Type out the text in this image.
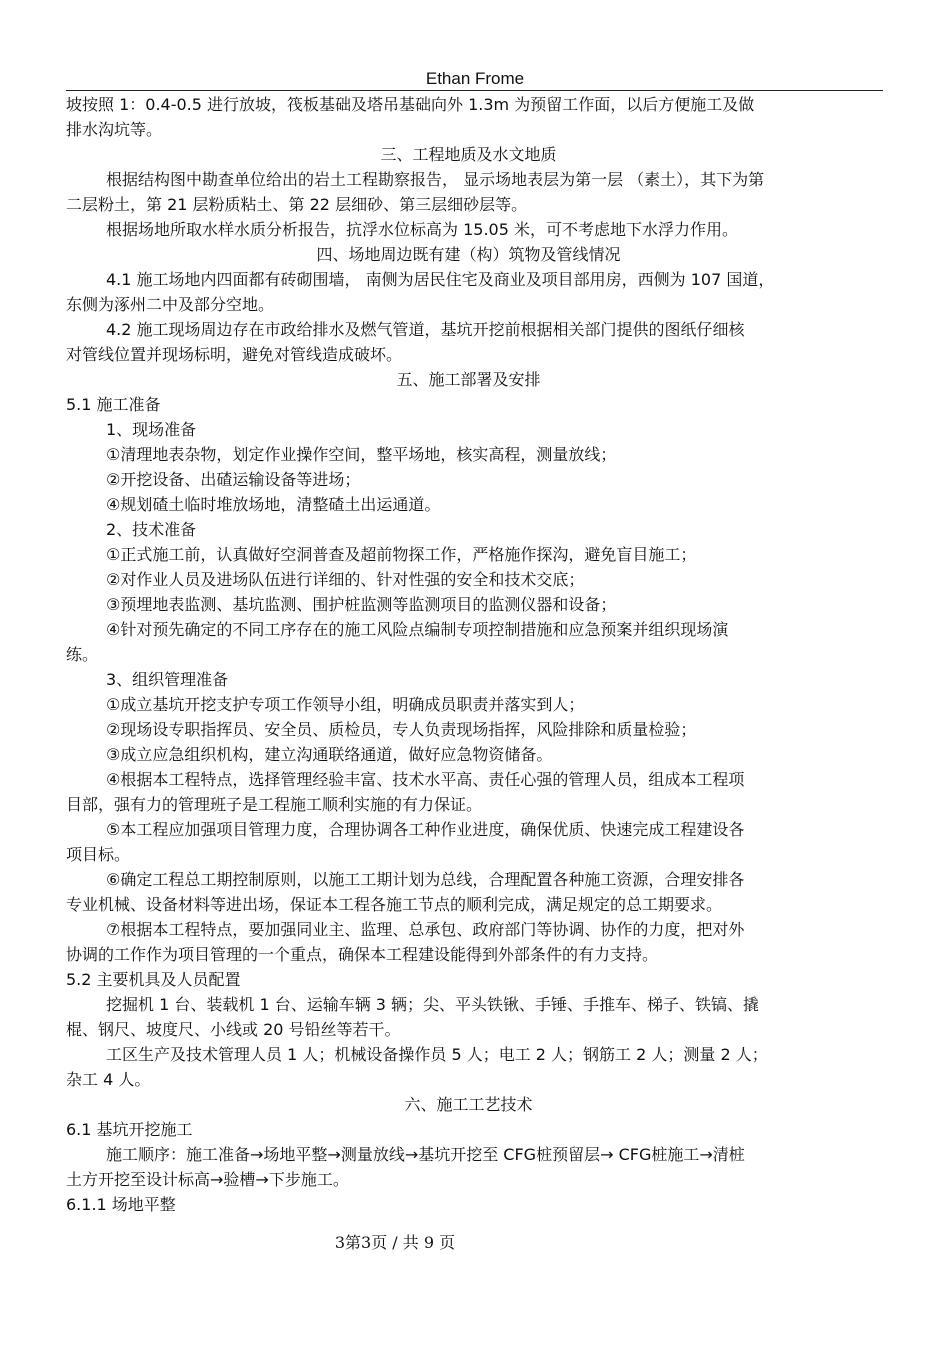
Ethan Frome

坡按照 1：0.4-0.5 进行放坡，筏板基础及塔吊基础向外 1.3m 为预留工作面，以后方便施工及做

排水沟坑等。

三、工程地质及水文地质

根据结构图中勘查单位给出的岩土工程勘察报告， 显示场地表层为第一层 （素土），其下为第

二层粉土，第 21 层粉质粘土、第 22 层细砂、第三层细砂层等。

根据场地所取水样水质分析报告，抗浮水位标高为 15.05 米，可不考虑地下水浮力作用。

四、场地周边既有建（构）筑物及管线情况

4.1 施工场地内四面都有砖砌围墙， 南侧为居民住宅及商业及项目部用房，西侧为 107 国道，

东侧为涿州二中及部分空地。

4.2 施工现场周边存在市政给排水及燃气管道，基坑开挖前根据相关部门提供的图纸仔细核

对管线位置并现场标明，避免对管线造成破坏。

五、施工部署及安排

5.1 施工准备

1、现场准备

①清理地表杂物，划定作业操作空间，整平场地，核实高程，测量放线；

②开挖设备、出碴运输设备等进场；

④规划碴土临时堆放场地，清整碴土出运通道。

2、技术准备

①正式施工前，认真做好空洞普查及超前物探工作，严格施作探沟，避免盲目施工；

②对作业人员及进场队伍进行详细的、针对性强的安全和技术交底；

③预埋地表监测、基坑监测、围护桩监测等监测项目的监测仪器和设备；

④针对预先确定的不同工序存在的施工风险点编制专项控制措施和应急预案并组织现场演

练。

3、组织管理准备

①成立基坑开挖支护专项工作领导小组，明确成员职责并落实到人；

②现场设专职指挥员、安全员、质检员，专人负责现场指挥，风险排除和质量检验；

③成立应急组织机构，建立沟通联络通道，做好应急物资储备。

④根据本工程特点，选择管理经验丰富、技术水平高、责任心强的管理人员，组成本工程项

目部，强有力的管理班子是工程施工顺利实施的有力保证。

⑤本工程应加强项目管理力度，合理协调各工种作业进度，确保优质、快速完成工程建设各

项目标。

⑥确定工程总工期控制原则，以施工工期计划为总线，合理配置各种施工资源，合理安排各

专业机械、设备材料等进出场，保证本工程各施工节点的顺利完成，满足规定的总工期要求。

⑦根据本工程特点，要加强同业主、监理、总承包、政府部门等协调、协作的力度，把对外

协调的工作作为项目管理的一个重点，确保本工程建设能得到外部条件的有力支持。

5.2 主要机具及人员配置

挖掘机 1 台、装载机 1 台、运输车辆 3 辆；尖、平头铁锹、手锤、手推车、梯子、铁镐、撬

棍、钢尺、坡度尺、小线或 20 号铅丝等若干。

工区生产及技术管理人员 1 人；机械设备操作员 5 人；电工 2 人；钢筋工 2 人；测量 2 人；

杂工 4 人。

六、施工工艺技术

6.1 基坑开挖施工

施工顺序：施工准备→场地平整→测量放线→基坑开挖至 CFG桩预留层→ CFG桩施工→清桩

土方开挖至设计标高→验槽→下步施工。

6.1.1 场地平整

3第3页 / 共 9 页
